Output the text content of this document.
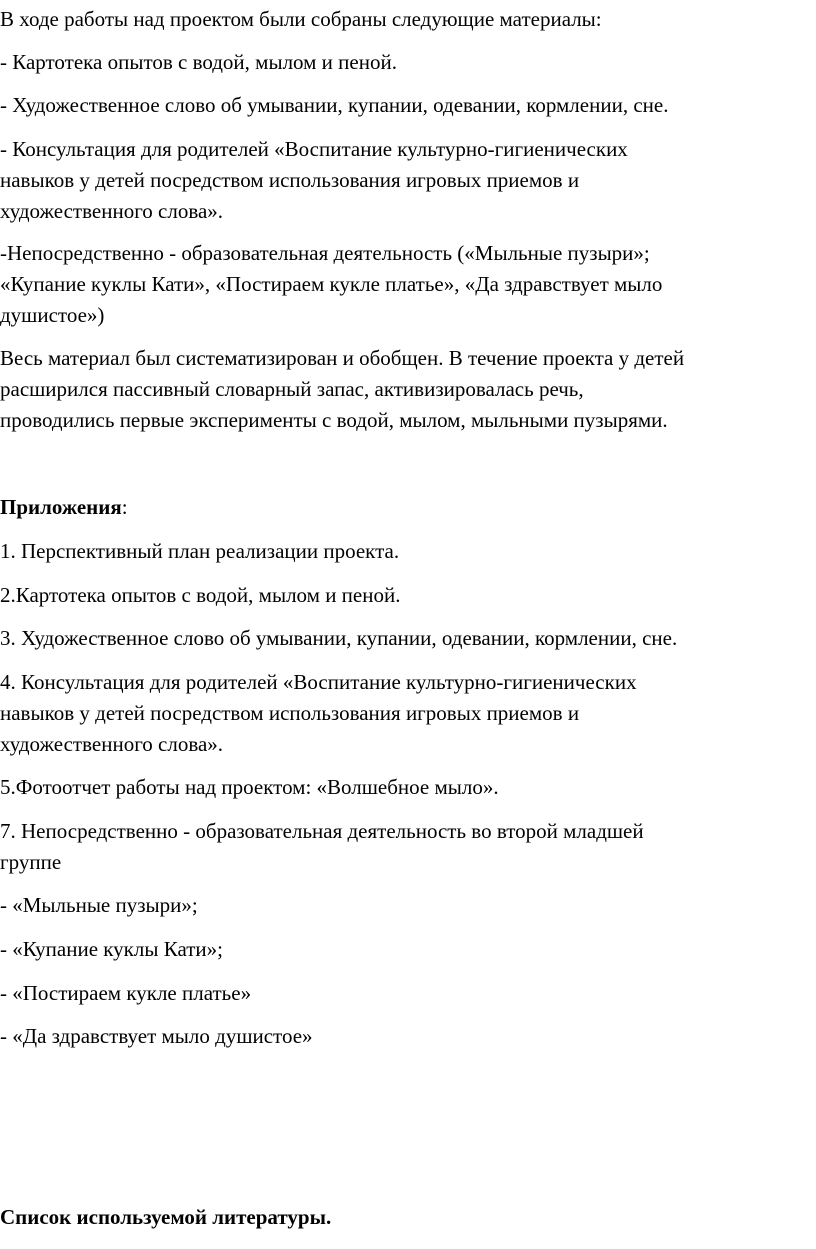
В ходе работы над проектом были собраны следующие материалы:

- Картотека опытов с водой, мылом и пеной.

- Художественное слово об умывании, купании, одевании, кормлении, сне.

- Консультация для родителей «Воспитание культурно-гигиенических
навыков у детей посредством использования игровых приемов и
художественного слова».

-Непосредственно - образовательная деятельность («Мыльные пузыри»;
«Купание куклы Кати», «Постираем кукле платье», «Да здравствует мыло
душистое»)

Весь материал был систематизирован и обобщен. В течение проекта у детей
расширился пассивный словарный запас, активизировалась речь,
проводились первые эксперименты с водой, мылом, мыльными пузырями.

Приложения:

1. Перспективный план реализации проекта.

2.Картотека опытов с водой, мылом и пеной.

3. Художественное слово об умывании, купании, одевании, кормлении, сне.

4. Консультация для родителей «Воспитание культурно-гигиенических
навыков у детей посредством использования игровых приемов и
художественного слова».

5.Фотоотчет работы над проектом: «Волшебное мыло».

7. Непосредственно - образовательная деятельность во второй младшей
группе

- «Мыльные пузыри»;

- «Купание куклы Кати»;

- «Постираем кукле платье»

- «Да здравствует мыло душистое»

Список используемой литературы.
